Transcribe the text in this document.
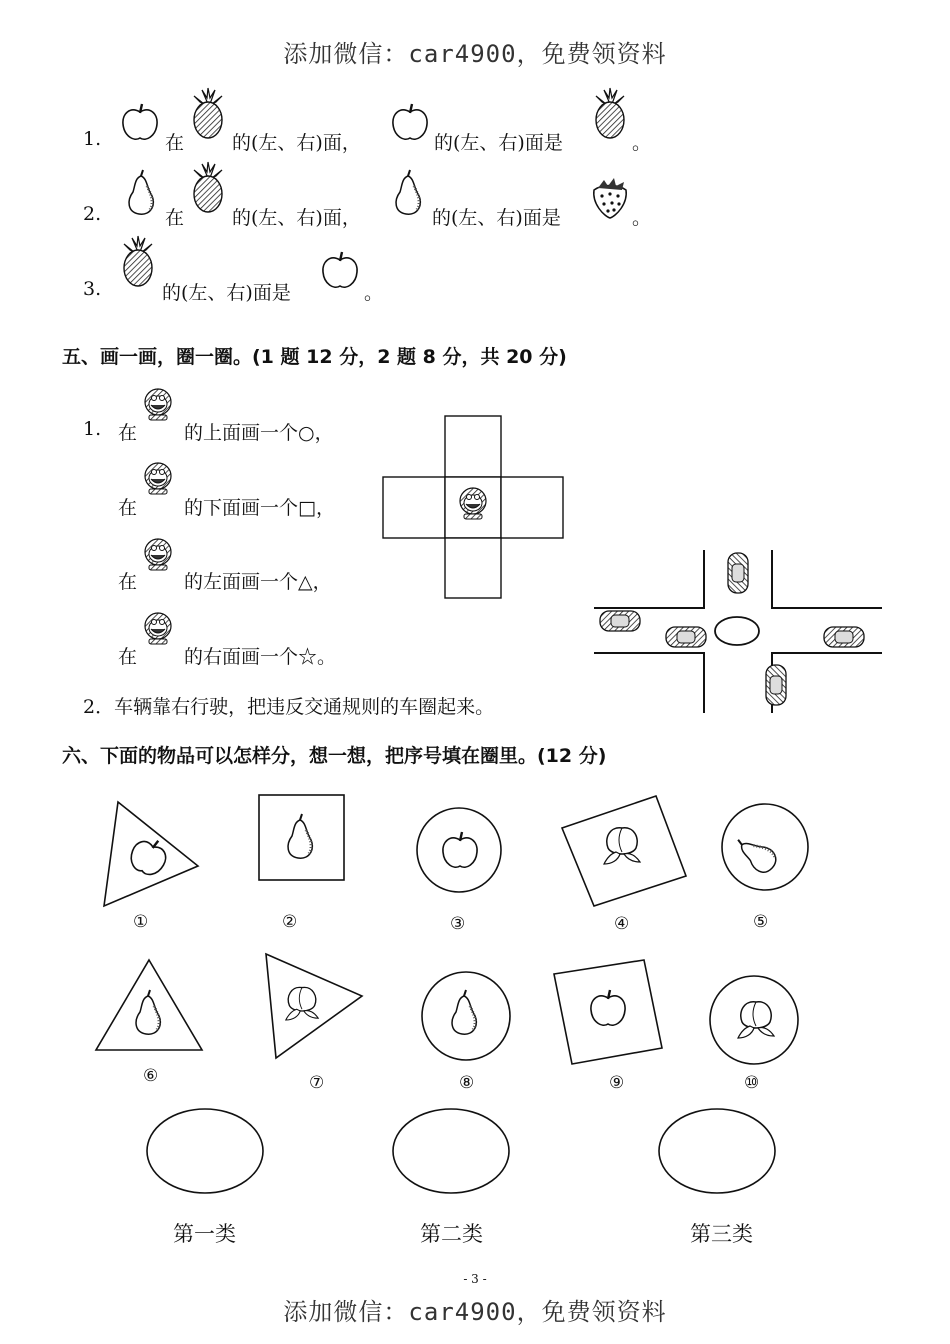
添加微信：car4900，免费领资料
1.	在	的(左、右)面，	的(左、右)面是	。
2.	在	的(左、右)面，	的(左、右)面是	。
3.	的(左、右)面是	。
五、画一画，圈一圈。(1 题 12 分，2 题 8 分，共 20 分)
1. 在 的上面画一个○，
在 的下面画一个□，
在 的左面画一个△，
在 的右面画一个☆。
2．车辆靠右行驶，把违反交通规则的车圈起来。
六、下面的物品可以怎样分，想一想，把序号填在圈里。(12 分)
①	②	③	④	⑤
⑥	⑦	⑧	⑨	⑩
第一类	第二类	第三类
- 3 -
添加微信：car4900，免费领资料
